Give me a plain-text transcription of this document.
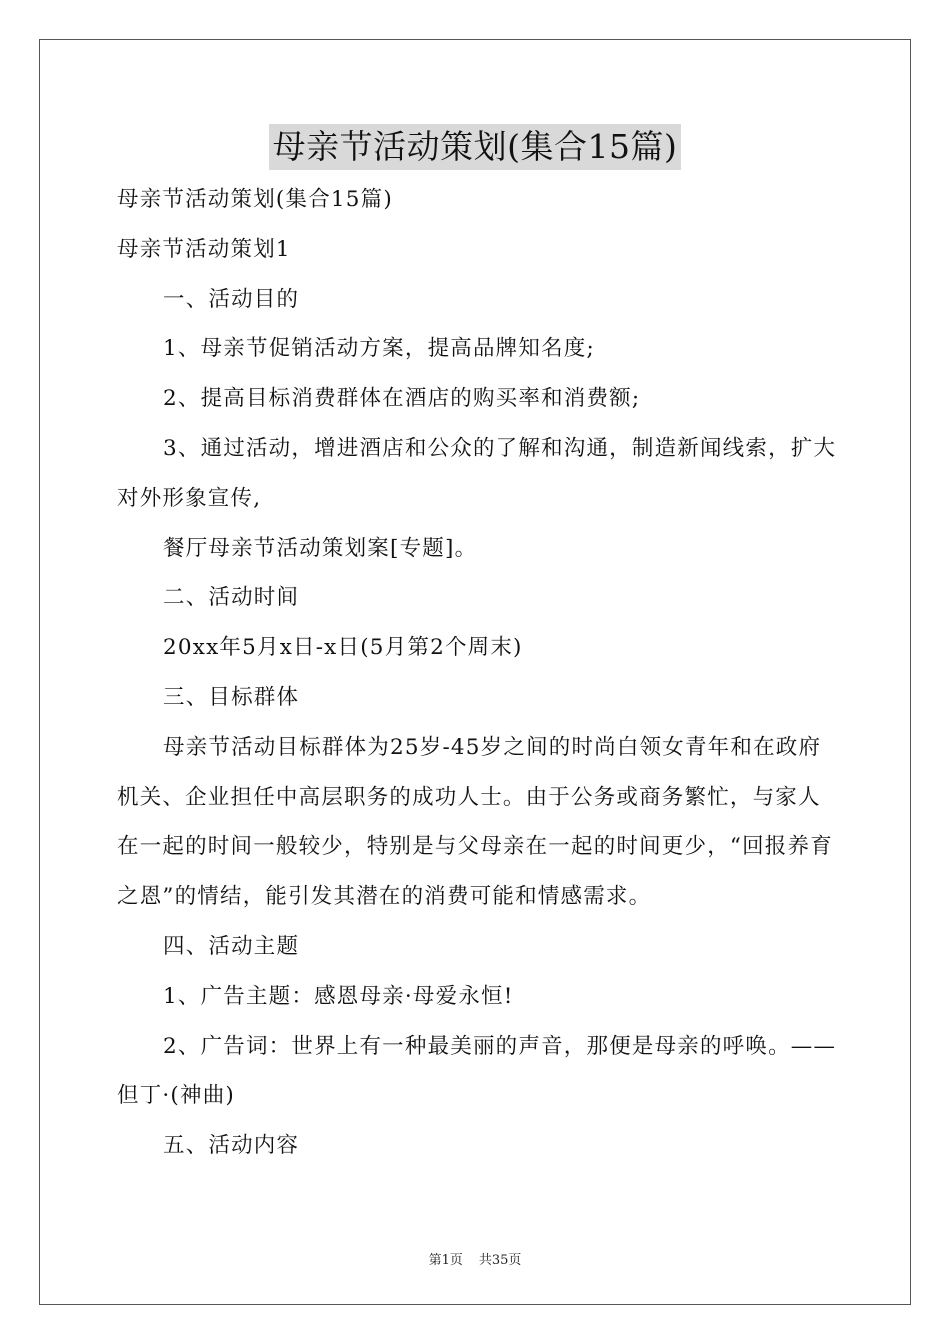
母亲节活动策划(集合15篇)

母亲节活动策划(集合15篇)

母亲节活动策划1

一、活动目的

1、母亲节促销活动方案，提高品牌知名度;

2、提高目标消费群体在酒店的购买率和消费额;

3、通过活动，增进酒店和公众的了解和沟通，制造新闻线索，扩大对外形象宣传,

餐厅母亲节活动策划案[专题]。

二、活动时间

20xx年5月x日-x日(5月第2个周末)

三、目标群体

母亲节活动目标群体为25岁-45岁之间的时尚白领女青年和在政府机关、企业担任中高层职务的成功人士。由于公务或商务繁忙，与家人在一起的时间一般较少，特别是与父母亲在一起的时间更少，“回报养育之恩”的情结，能引发其潜在的消费可能和情感需求。

四、活动主题

1、广告主题：感恩母亲·母爱永恒!

2、广告词：世界上有一种最美丽的声音，那便是母亲的呼唤。——但丁·(神曲)

五、活动内容

第1页 共35页
